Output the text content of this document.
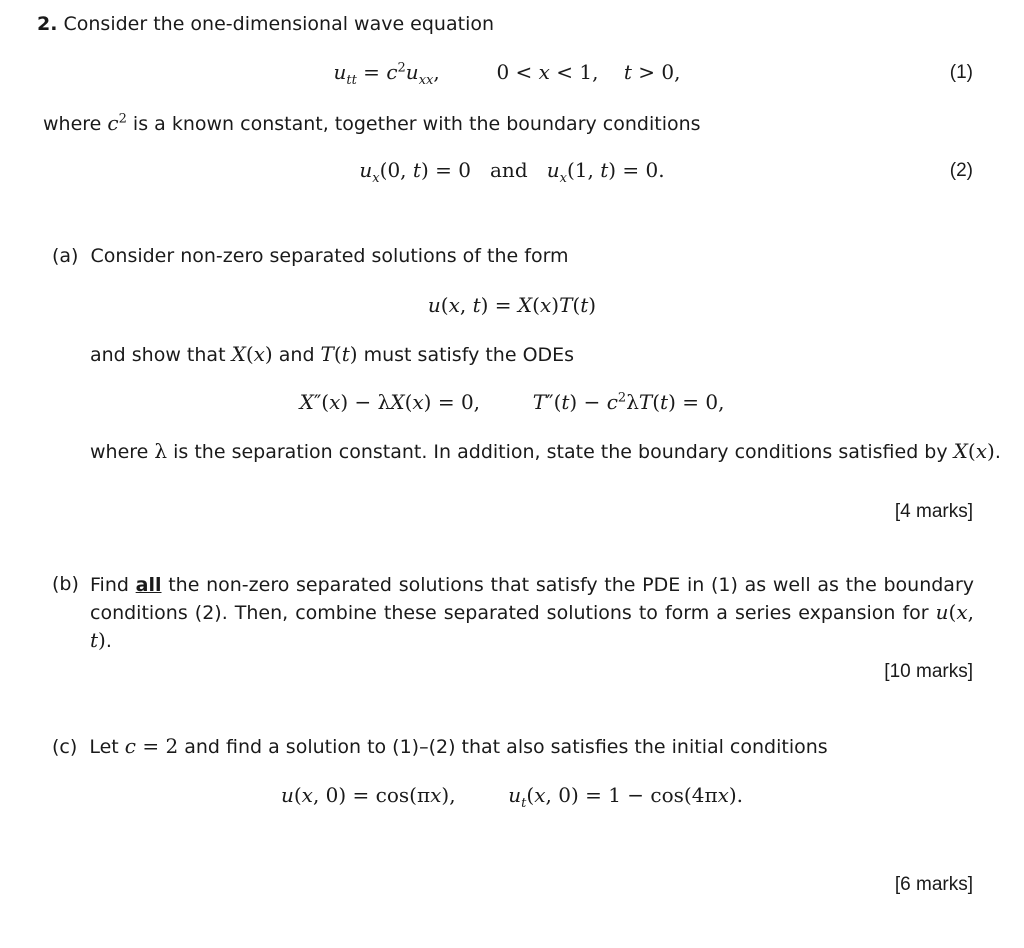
2. Consider the one-dimensional wave equation
$u_{tt} = c^2u_{xx}$,	0 < x < 1,    t > 0,	(1)
where $c^2$ is a known constant, together with the boundary conditions
$u_x(0$, t) = 0   and   $u_x(1$, t) = 0.	(2)
(a) Consider non-zero separated solutions of the form
u(x, t) = X(x)T(t)
and show that X(x) and T(t) must satisfy the ODEs
X″(x) − λX(x) = 0,  $T''(t) - c^2\lambda T(t) = 0$,
where λ is the separation constant. In addition, state the boundary conditions satisfied by X(x).
[4 marks]
(b) Find all the non-zero separated solutions that satisfy the PDE in (1) as well as the boundary conditions (2). Then, combine these separated solutions to form a series expansion for u(x, t).
[10 marks]
(c) Let c = 2 and find a solution to (1)–(2) that also satisfies the initial conditions
u(x, 0) = cos(πx),  $u_t(x$, 0) = 1 − cos(4πx).
[6 marks]
